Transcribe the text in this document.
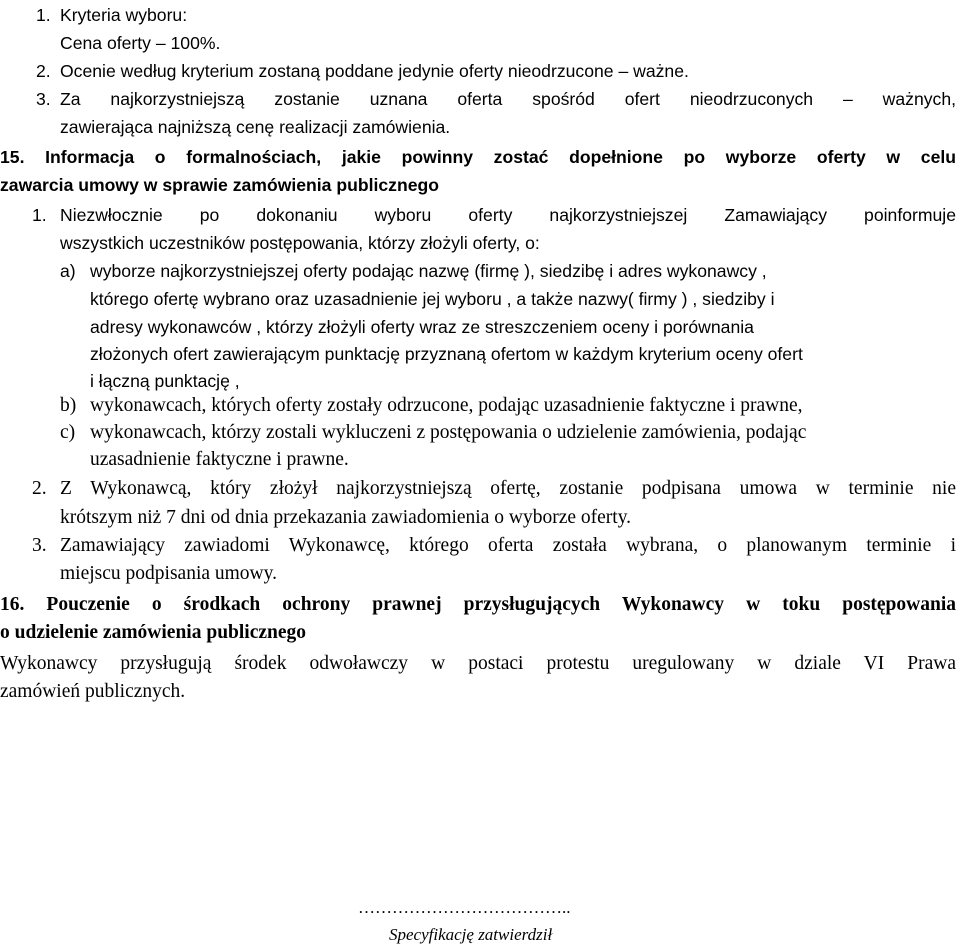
1. Kryteria wyboru:
Cena oferty – 100%.
2. Ocenie według kryterium zostaną poddane jedynie oferty nieodrzucone – ważne.
3. Za najkorzystniejszą zostanie uznana oferta spośród ofert nieodrzuconych – ważnych,
zawierająca najniższą cenę realizacji zamówienia.
15. Informacja o formalnościach, jakie powinny zostać dopełnione po wyborze oferty w celu
zawarcia umowy w sprawie zamówienia publicznego
1. Niezwłocznie po dokonaniu wyboru oferty najkorzystniejszej Zamawiający poinformuje
wszystkich uczestników postępowania, którzy złożyli oferty, o:
a) wyborze najkorzystniejszej oferty podając nazwę (firmę ), siedzibę i adres wykonawcy ,
którego ofertę wybrano oraz uzasadnienie jej wyboru , a także nazwy( firmy ) , siedziby i
adresy wykonawców , którzy złożyli oferty wraz ze streszczeniem oceny i porównania
złożonych ofert zawierającym punktację przyznaną ofertom w każdym kryterium oceny ofert
i łączną punktację ,
b) wykonawcach, których oferty zostały odrzucone, podając uzasadnienie faktyczne i prawne,
c) wykonawcach, którzy zostali wykluczeni z postępowania o udzielenie zamówienia, podając
uzasadnienie faktyczne i prawne.
2. Z Wykonawcą, który złożył najkorzystniejszą ofertę, zostanie podpisana umowa w terminie nie
krótszym niż 7 dni od dnia przekazania zawiadomienia o wyborze oferty.
3. Zamawiający zawiadomi Wykonawcę, którego oferta została wybrana, o planowanym terminie i
miejscu podpisania umowy.
16. Pouczenie o środkach ochrony prawnej przysługujących Wykonawcy w toku postępowania
o udzielenie zamówienia publicznego
Wykonawcy przysługują środek odwoławczy w postaci protestu uregulowany w dziale VI Prawa
zamówień publicznych.
………………………………..
Specyfikację zatwierdził
